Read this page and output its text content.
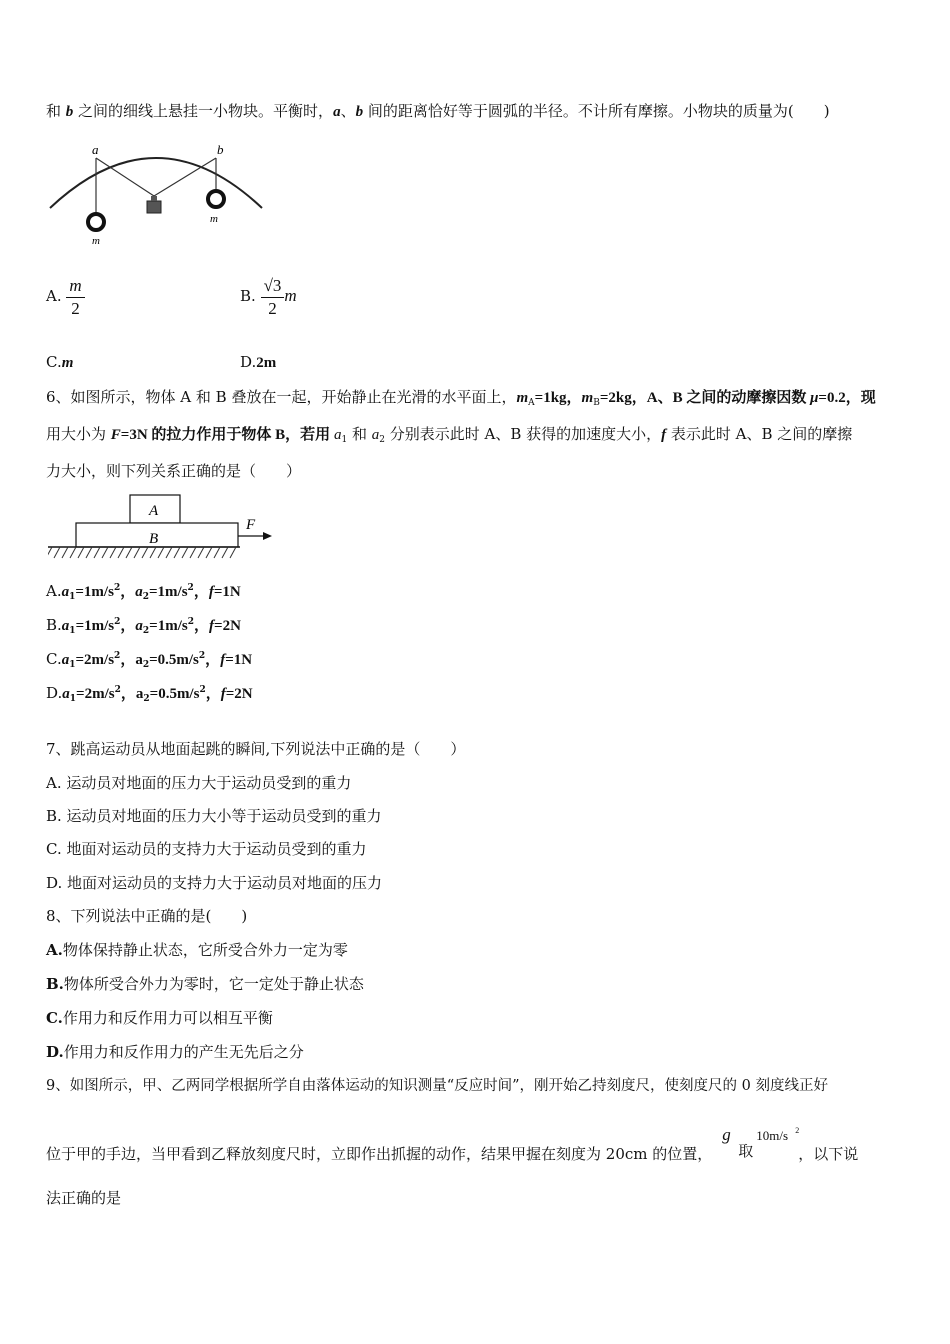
和 b 之间的细线上悬挂一小物块。平衡时，a、b 间的距离恰好等于圆弧的半径。不计所有摩擦。小物块的质量为(　　)
a	b
m
m
A. $\frac{m}{2}$	B. $\frac{√3}{2}$ m
C.m	D.2m
6、如图所示，物体 A 和 B 叠放在一起，开始静止在光滑的水平面上，$m_A=1kg$，$m_B=2kg$，A、B 之间的动摩擦因数 μ=0.2，现
用大小为 F=3N 的拉力作用于物体 B，若用 $a_1$ 和 $a_2$ 分别表示此时 A、B 获得的加速度大小，f 表示此时 A、B 之间的摩擦
力大小，则下列关系正确的是（　　）
A
B
F
$A.a_1=1m/s^2$，$a_2=1m/s^2$，f=1N
$B.a_1=1m/s^2$，$a_2=1m/s^2$，f=2N
$C.a_1=2m/s^2$，$a_2=0.5m/s^2$，f=1N
$D.a_1=2m/s^2$，$a_2=0.5m/s^2$，f=2N
7、跳高运动员从地面起跳的瞬间,下列说法中正确的是（　　）
A. 运动员对地面的压力大于运动员受到的重力
B. 运动员对地面的压力大小等于运动员受到的重力
C. 地面对运动员的支持力大于运动员受到的重力
D. 地面对运动员的支持力大于运动员对地面的压力
8、下列说法中正确的是(　　)
A.物体保持静止状态，它所受合外力一定为零
B.物体所受合外力为零时，它一定处于静止状态
C.作用力和反作用力可以相互平衡
D.作用力和反作用力的产生无先后之分
9、如图所示，甲、乙两同学根据所学自由落体运动的知识测量“反应时间”，刚开始乙持刻度尺，使刻度尺的 0 刻度线正好
位于甲的手边，当甲看到乙释放刻度尺时，立即作出抓握的动作，结果甲握在刻度为 20cm 的位置，
g
取
10m/s 2
，以下说
法正确的是
